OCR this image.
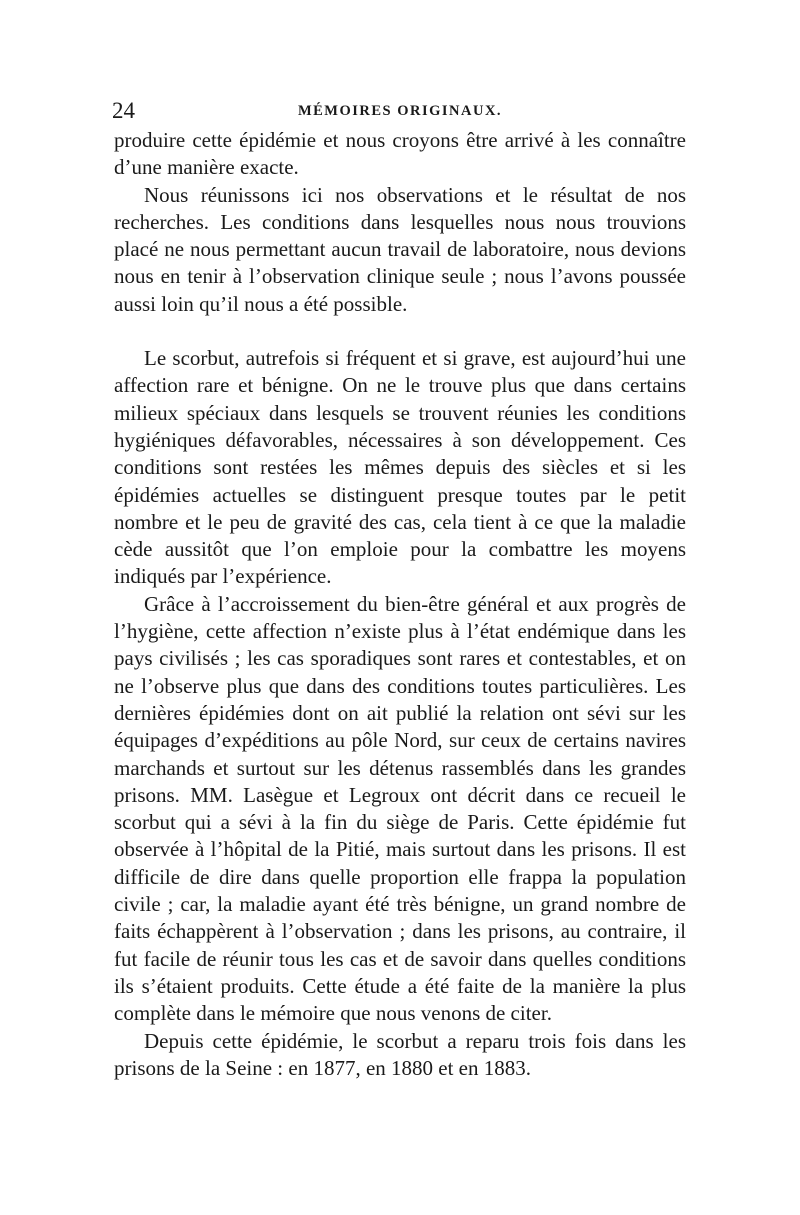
24	MÉMOIRES ORIGINAUX.

produire cette épidémie et nous croyons être arrivé à les connaître d’une manière exacte.

Nous réunissons ici nos observations et le résultat de nos recherches. Les conditions dans lesquelles nous nous trouvions placé ne nous permettant aucun travail de laboratoire, nous devions nous en tenir à l’observation clinique seule ; nous l’avons poussée aussi loin qu’il nous a été possible.

Le scorbut, autrefois si fréquent et si grave, est aujourd’hui une affection rare et bénigne. On ne le trouve plus que dans certains milieux spéciaux dans lesquels se trouvent réunies les conditions hygiéniques défavorables, nécessaires à son développement. Ces conditions sont restées les mêmes depuis des siècles et si les épidémies actuelles se distinguent presque toutes par le petit nombre et le peu de gravité des cas, cela tient à ce que la maladie cède aussitôt que l’on emploie pour la combattre les moyens indiqués par l’expérience.

Grâce à l’accroissement du bien-être général et aux progrès de l’hygiène, cette affection n’existe plus à l’état endémique dans les pays civilisés ; les cas sporadiques sont rares et contestables, et on ne l’observe plus que dans des conditions toutes particulières. Les dernières épidémies dont on ait publié la relation ont sévi sur les équipages d’expéditions au pôle Nord, sur ceux de certains navires marchands et surtout sur les détenus rassemblés dans les grandes prisons. MM. Lasègue et Legroux ont décrit dans ce recueil le scorbut qui a sévi à la fin du siège de Paris. Cette épidémie fut observée à l’hôpital de la Pitié, mais surtout dans les prisons. Il est difficile de dire dans quelle proportion elle frappa la population civile ; car, la maladie ayant été très bénigne, un grand nombre de faits échappèrent à l’observation ; dans les prisons, au contraire, il fut facile de réunir tous les cas et de savoir dans quelles conditions ils s’étaient produits. Cette étude a été faite de la manière la plus complète dans le mémoire que nous venons de citer.

Depuis cette épidémie, le scorbut a reparu trois fois dans les prisons de la Seine : en 1877, en 1880 et en 1883.
